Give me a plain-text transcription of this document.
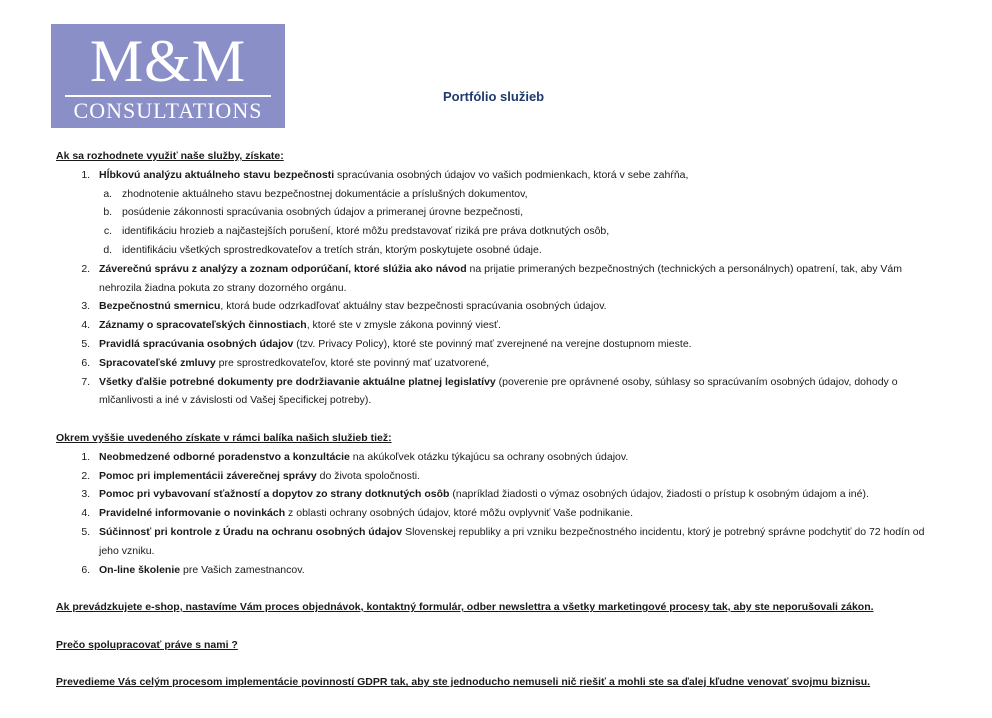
M&M
CONSULTATIONS
Portfólio služieb
Ak sa rozhodnete využiť naše služby, získate:
1. Hĺbkovú analýzu aktuálneho stavu bezpečnosti spracúvania osobných údajov vo vašich podmienkach, ktorá v sebe zahŕňa,
a. zhodnotenie aktuálneho stavu bezpečnostnej dokumentácie a príslušných dokumentov,
b. posúdenie zákonnosti spracúvania osobných údajov a primeranej úrovne bezpečnosti,
c. identifikáciu hrozieb a najčastejších porušení, ktoré môžu predstavovať riziká pre práva dotknutých osôb,
d. identifikáciu všetkých sprostredkovateľov a tretích strán, ktorým poskytujete osobné údaje.
2. Záverečnú správu z analýzy a zoznam odporúčaní, ktoré slúžia ako návod na prijatie primeraných bezpečnostných (technických a personálnych) opatrení, tak, aby Vám nehrozila žiadna pokuta zo strany dozorného orgánu.
3. Bezpečnostnú smernicu, ktorá bude odzrkadľovať aktuálny stav bezpečnosti spracúvania osobných údajov.
4. Záznamy o spracovateľských činnostiach, ktoré ste v zmysle zákona povinný viesť.
5. Pravidlá spracúvania osobných údajov (tzv. Privacy Policy), ktoré ste povinný mať zverejnené na verejne dostupnom mieste.
6. Spracovateľské zmluvy pre sprostredkovateľov, ktoré ste povinný mať uzatvorené,
7. Všetky ďalšie potrebné dokumenty pre dodržiavanie aktuálne platnej legislatívy (poverenie pre oprávnené osoby, súhlasy so spracúvaním osobných údajov, dohody o mlčanlivosti a iné v závislosti od Vašej špecifickej potreby).
Okrem vyššie uvedeného získate v rámci balíka našich služieb tiež:
1. Neobmedzené odborné poradenstvo a konzultácie na akúkoľvek otázku týkajúcu sa ochrany osobných údajov.
2. Pomoc pri implementácii záverečnej správy do života spoločnosti.
3. Pomoc pri vybavovaní sťažností a dopytov zo strany dotknutých osôb (napríklad žiadosti o výmaz osobných údajov, žiadosti o prístup k osobným údajom a iné).
4. Pravidelné informovanie o novinkách z oblasti ochrany osobných údajov, ktoré môžu ovplyvniť Vaše podnikanie.
5. Súčinnosť pri kontrole z Úradu na ochranu osobných údajov Slovenskej republiky a pri vzniku bezpečnostného incidentu, ktorý je potrebný správne podchytiť do 72 hodín od jeho vzniku.
6. On-line školenie pre Vašich zamestnancov.
Ak prevádzkujete e-shop, nastavíme Vám proces objednávok, kontaktný formulár, odber newslettra a všetky marketingové procesy tak, aby ste neporušovali zákon.
Prečo spolupracovať práve s nami ?
Prevedieme Vás celým procesom implementácie povinností GDPR tak, aby ste jednoducho nemuseli nič riešiť a mohli ste sa ďalej kľudne venovať svojmu biznisu.
